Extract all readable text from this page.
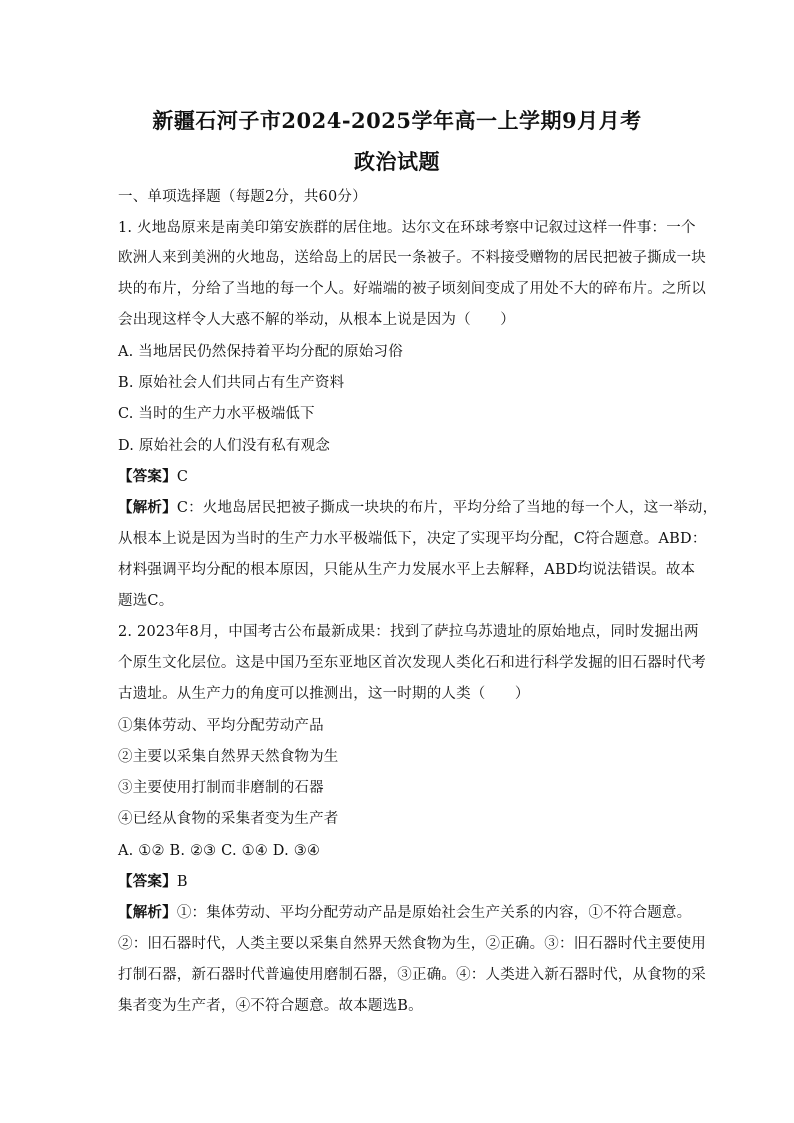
新疆石河子市2024-2025学年高一上学期9月月考
政治试题
一、单项选择题（每题2分，共60分）
1. 火地岛原来是南美印第安族群的居住地。达尔文在环球考察中记叙过这样一件事：一个
欧洲人来到美洲的火地岛，送给岛上的居民一条被子。不料接受赠物的居民把被子撕成一块
块的布片，分给了当地的每一个人。好端端的被子顷刻间变成了用处不大的碎布片。之所以
会出现这样令人大惑不解的举动，从根本上说是因为（　　）
A. 当地居民仍然保持着平均分配的原始习俗
B. 原始社会人们共同占有生产资料
C. 当时的生产力水平极端低下
D. 原始社会的人们没有私有观念
【答案】C
【解析】C：火地岛居民把被子撕成一块块的布片，平均分给了当地的每一个人，这一举动，
从根本上说是因为当时的生产力水平极端低下，决定了实现平均分配，C符合题意。ABD：
材料强调平均分配的根本原因，只能从生产力发展水平上去解释，ABD均说法错误。故本
题选C。
2. 2023年8月，中国考古公布最新成果：找到了萨拉乌苏遗址的原始地点，同时发掘出两
个原生文化层位。这是中国乃至东亚地区首次发现人类化石和进行科学发掘的旧石器时代考
古遗址。从生产力的角度可以推测出，这一时期的人类（　　）
①集体劳动、平均分配劳动产品
②主要以采集自然界天然食物为生
③主要使用打制而非磨制的石器
④已经从食物的采集者变为生产者
A. ①② B. ②③ C. ①④ D. ③④
【答案】B
【解析】①：集体劳动、平均分配劳动产品是原始社会生产关系的内容，①不符合题意。
②：旧石器时代，人类主要以采集自然界天然食物为生，②正确。③：旧石器时代主要使用
打制石器，新石器时代普遍使用磨制石器，③正确。④：人类进入新石器时代，从食物的采
集者变为生产者，④不符合题意。故本题选B。
